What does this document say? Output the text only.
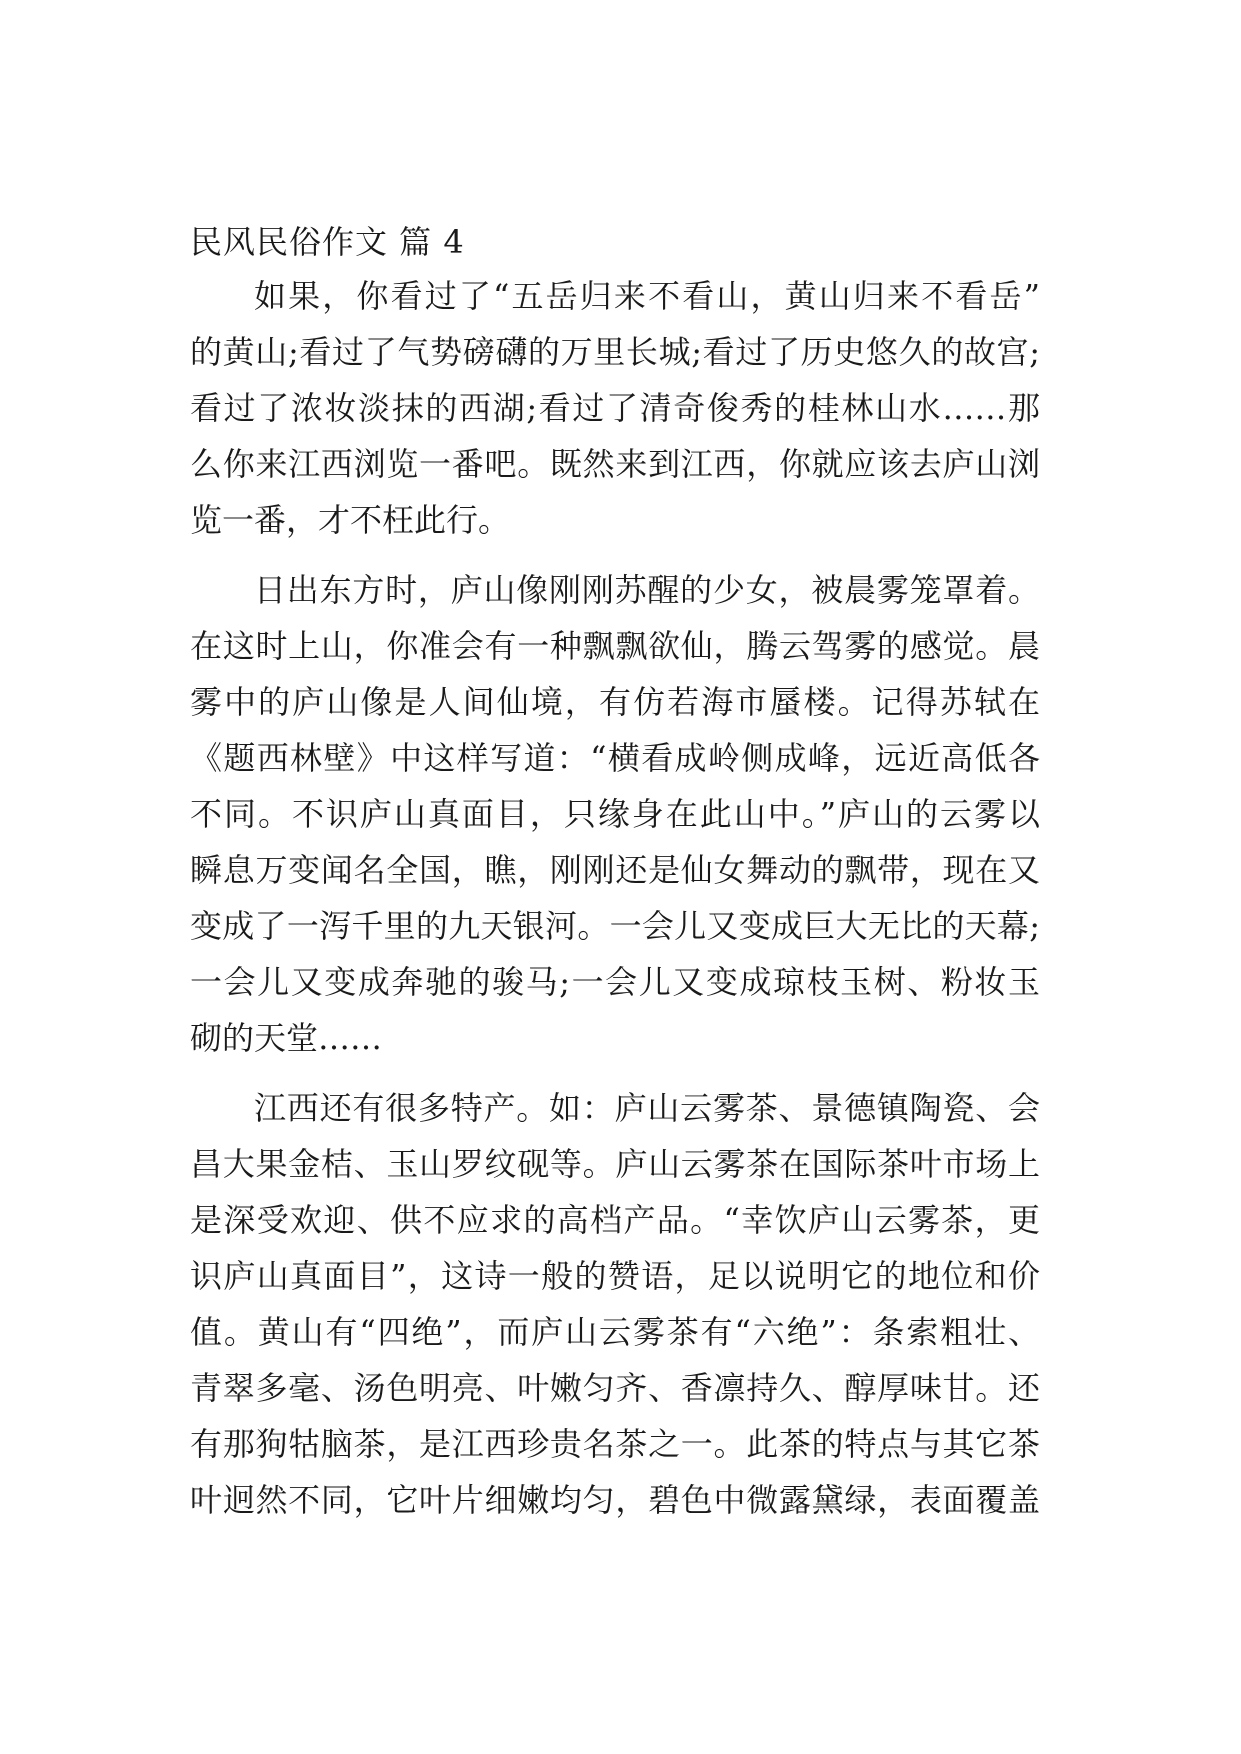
民风民俗作文 篇 4
如果，你看过了“五岳归来不看山，黄山归来不看岳”
的黄山;看过了气势磅礴的万里长城;看过了历史悠久的故宫;
看过了浓妆淡抹的西湖;看过了清奇俊秀的桂林山水……那
么你来江西浏览一番吧。既然来到江西，你就应该去庐山浏
览一番，才不枉此行。
日出东方时，庐山像刚刚苏醒的少女，被晨雾笼罩着。
在这时上山，你准会有一种飘飘欲仙，腾云驾雾的感觉。晨
雾中的庐山像是人间仙境，有仿若海市蜃楼。记得苏轼在
《题西林壁》中这样写道：“横看成岭侧成峰，远近高低各
不同。不识庐山真面目，只缘身在此山中。”庐山的云雾以
瞬息万变闻名全国，瞧，刚刚还是仙女舞动的飘带，现在又
变成了一泻千里的九天银河。一会儿又变成巨大无比的天幕;
一会儿又变成奔驰的骏马;一会儿又变成琼枝玉树、粉妆玉
砌的天堂……
江西还有很多特产。如：庐山云雾茶、景德镇陶瓷、会
昌大果金桔、玉山罗纹砚等。庐山云雾茶在国际茶叶市场上
是深受欢迎、供不应求的高档产品。“幸饮庐山云雾茶，更
识庐山真面目”，这诗一般的赞语，足以说明它的地位和价
值。黄山有“四绝”，而庐山云雾茶有“六绝”：条索粗壮、
青翠多毫、汤色明亮、叶嫩匀齐、香凛持久、醇厚味甘。还
有那狗牯脑茶，是江西珍贵名茶之一。此茶的特点与其它茶
叶迥然不同，它叶片细嫩均匀，碧色中微露黛绿，表面覆盖
